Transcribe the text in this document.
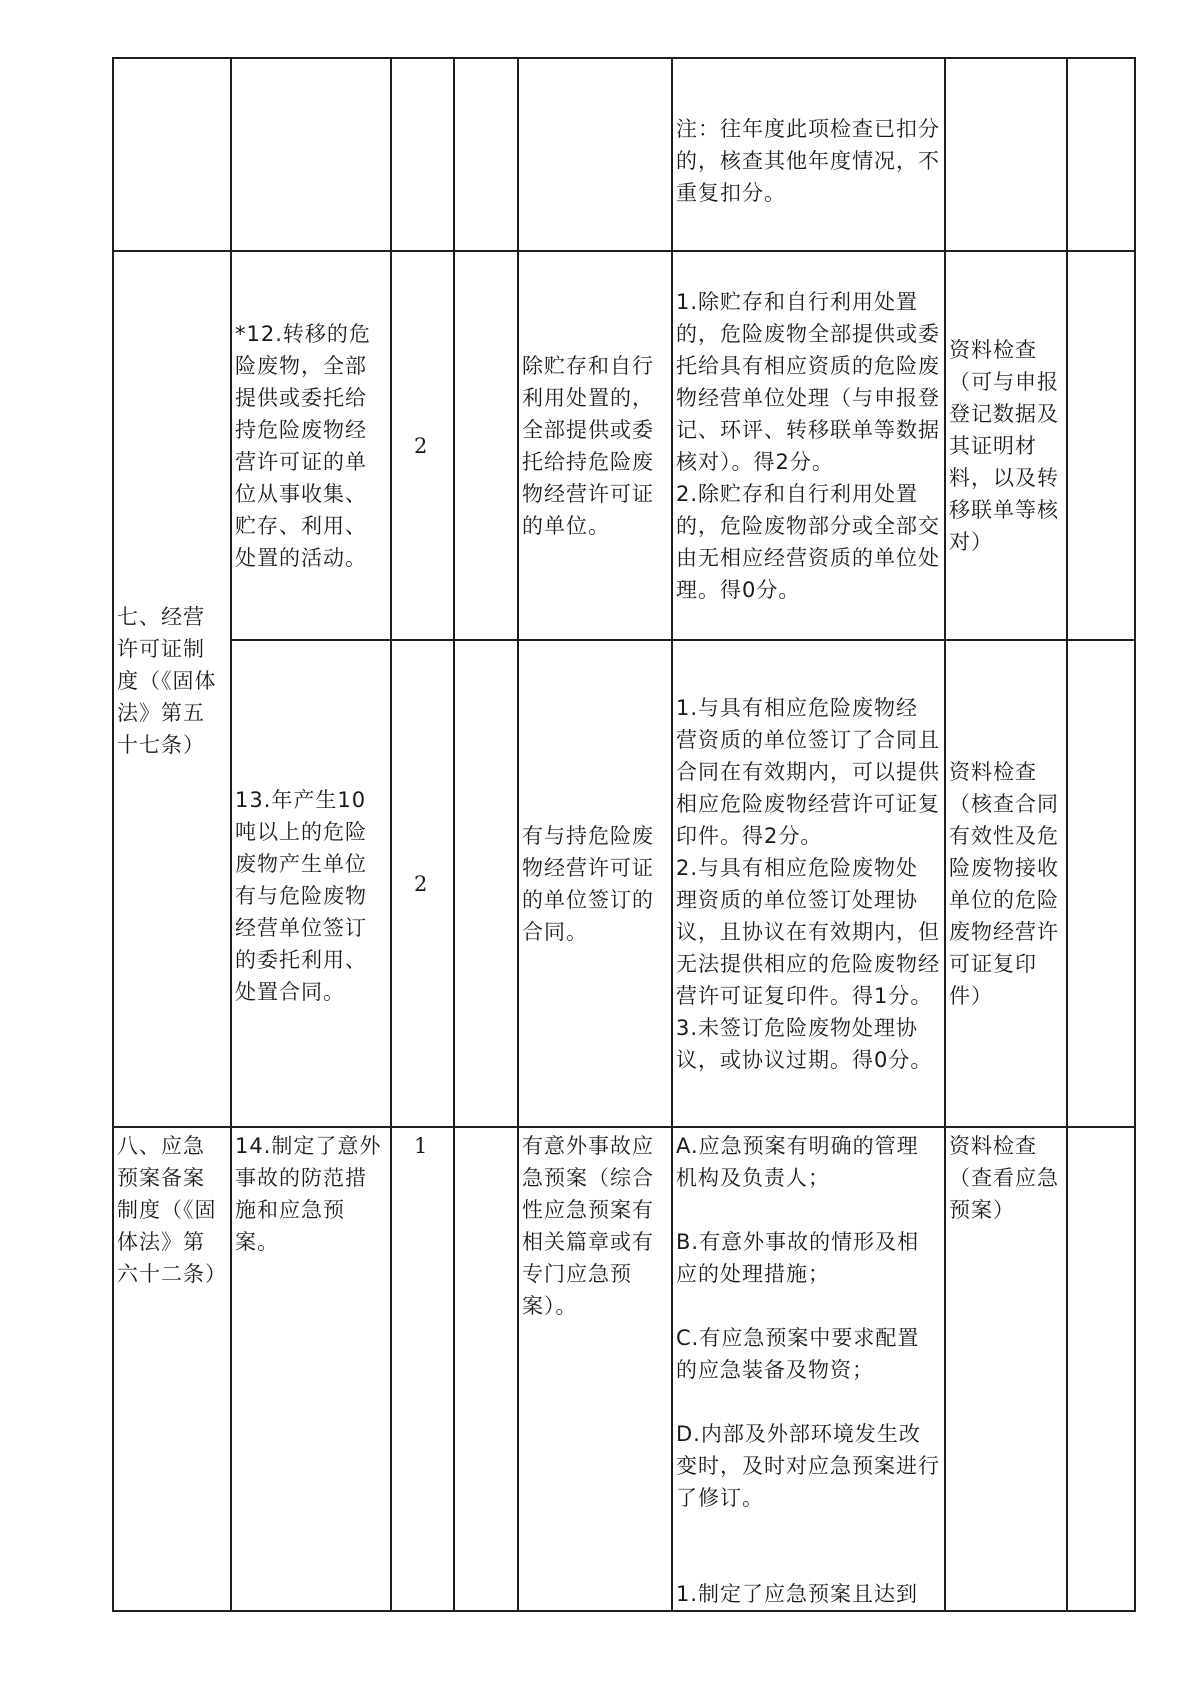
					注：往年度此项检查已扣分的，核查其他年度情况，不重复扣分。		

七、经营许可证制度（《固体法》第五十七条）	*12.转移的危险废物，全部提供或委托给持危险废物经营许可证的单位从事收集、贮存、利用、处置的活动。	2		除贮存和自行利用处置的，全部提供或委托给持危险废物经营许可证的单位。	1.除贮存和自行利用处置的，危险废物全部提供或委托给具有相应资质的危险废物经营单位处理（与申报登记、环评、转移联单等数据核对）。得2分。
2.除贮存和自行利用处置的，危险废物部分或全部交由无相应经营资质的单位处理。得0分。	资料检查（可与申报登记数据及其证明材料，以及转移联单等核对）	

	13.年产生10吨以上的危险废物产生单位有与危险废物经营单位签订的委托利用、处置合同。	2		有与持危险废物经营许可证的单位签订的合同。	1.与具有相应危险废物经营资质的单位签订了合同且合同在有效期内，可以提供相应危险废物经营许可证复印件。得2分。
2.与具有相应危险废物处理资质的单位签订处理协议，且协议在有效期内，但无法提供相应的危险废物经营许可证复印件。得1分。
3.未签订危险废物处理协议，或协议过期。得0分。	资料检查（核查合同有效性及危险废物接收单位的危险废物经营许可证复印件）	

八、应急预案备案制度（《固体法》第六十二条）	14.制定了意外事故的防范措施和应急预案。	1		有意外事故应急预案（综合性应急预案有相关篇章或有专门应急预案）。	A.应急预案有明确的管理机构及负责人；
B.有意外事故的情形及相应的处理措施；
C.有应急预案中要求配置的应急装备及物资；
D.内部及外部环境发生改变时，及时对应急预案进行了修订。
1.制定了应急预案且达到	资料检查（查看应急预案）	
